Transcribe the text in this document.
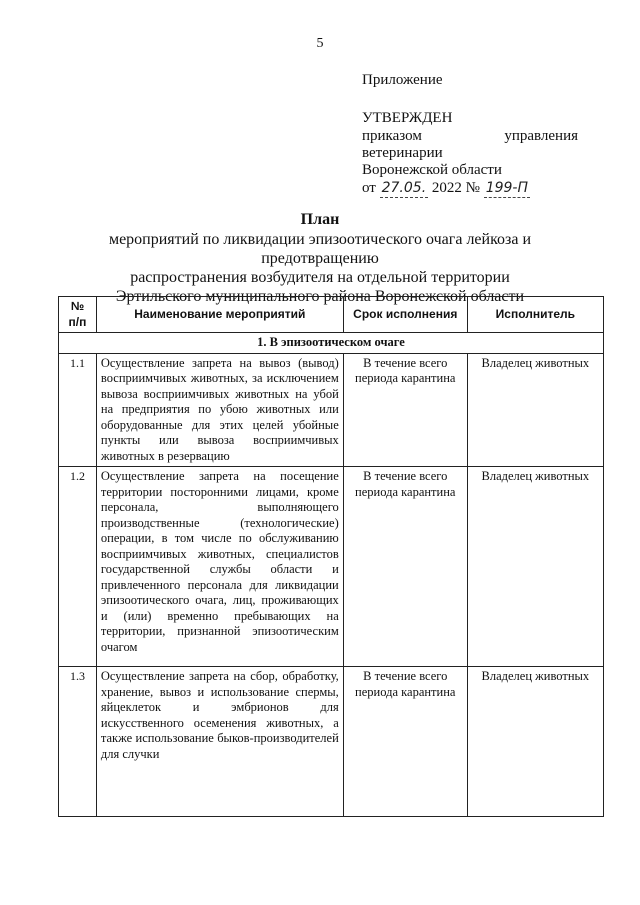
5
Приложение
УТВЕРЖДЕН
приказом управления ветеринарии
Воронежской области
от 27.05. 2022 № 199-П
План
мероприятий по ликвидации эпизоотического очага лейкоза и предотвращению
распространения возбудителя на отдельной территории
Эртильского муниципального района Воронежской области
№
п/п	Наименование мероприятий	Срок исполнения	Исполнитель
1. В эпизоотическом очаге			
1.1	Осуществление запрета на вывоз (вывод) восприимчивых животных, за исключением вывоза восприимчивых животных на убой на предприятия по убою животных или оборудованные для этих целей убойные пункты или вывоза восприимчивых животных в резервацию	В течение всего периода карантина	Владелец животных
1.2	Осуществление запрета на посещение территории посторонними лицами, кроме персонала, выполняющего производственные (технологические) операции, в том числе по обслуживанию восприимчивых животных, специалистов государственной службы области и привлеченного персонала для ликвидации эпизоотического очага, лиц, проживающих и (или) временно пребывающих на территории, признанной эпизоотическим очагом	В течение всего периода карантина	Владелец животных
1.3	Осуществление запрета на сбор, обработку, хранение, вывоз и использование спермы, яйцеклеток и эмбрионов для искусственного осеменения животных, а также использование быков-производителей для случки	В течение всего периода карантина	Владелец животных
